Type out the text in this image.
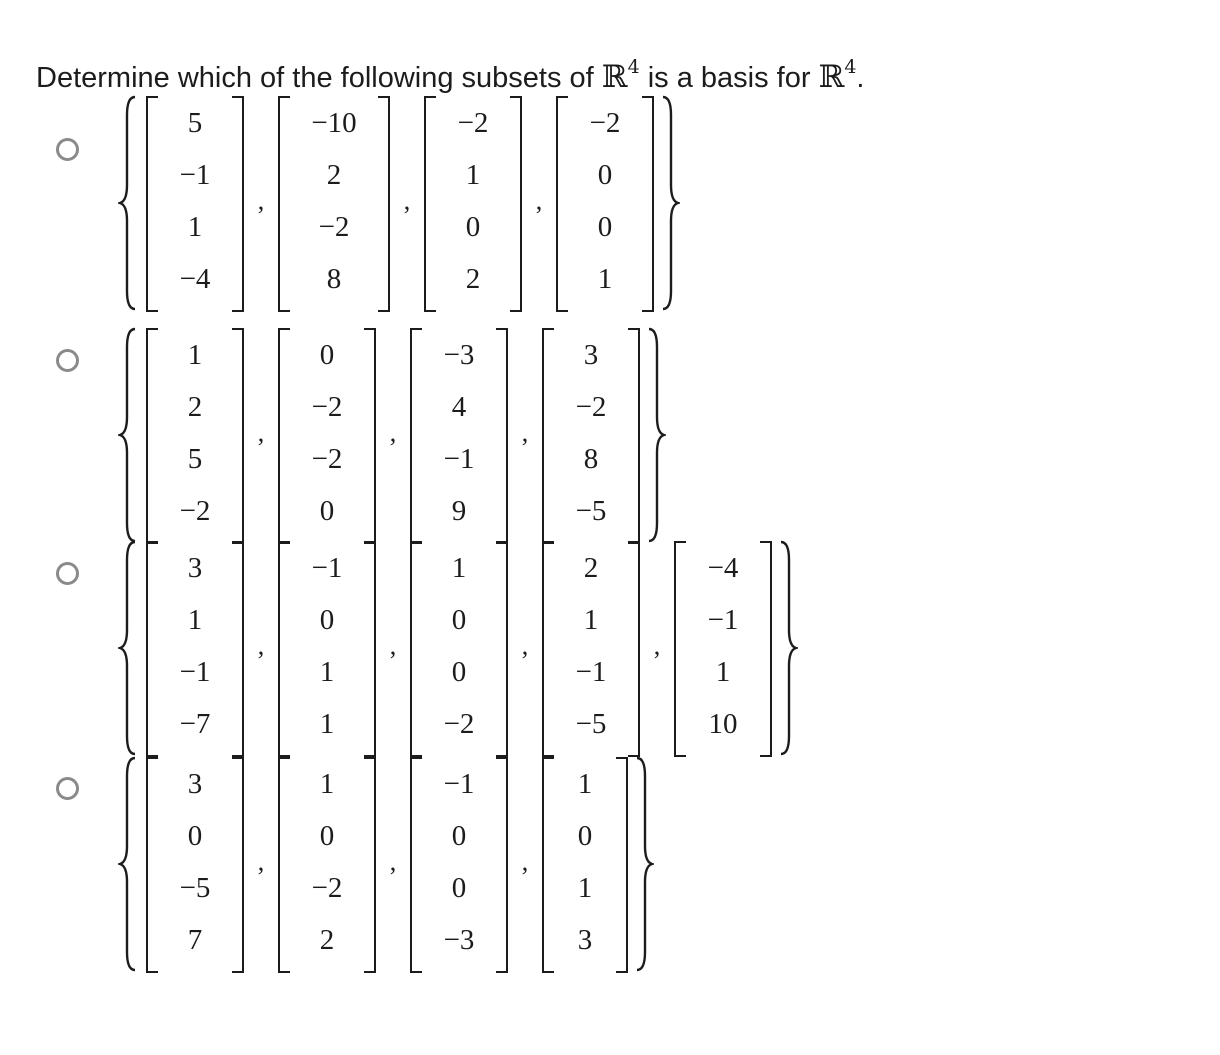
Determine which of the following subsets of ℝ$^4$ is a basis for ℝ$^4$.
5
−1
1
−4
,
−10
2
−2
8
,
−2
1
0
2
,
−2
0
0
1
1
2
5
−2
,
0
−2
−2
0
,
−3
4
−1
9
,
3
−2
8
−5
3
1
−1
−7
,
−1
0
1
1
,
1
0
0
−2
,
2
1
−1
−5
,
−4
−1
1
10
3
0
−5
7
,
1
0
−2
2
,
−1
0
0
−3
,
1
0
1
3
